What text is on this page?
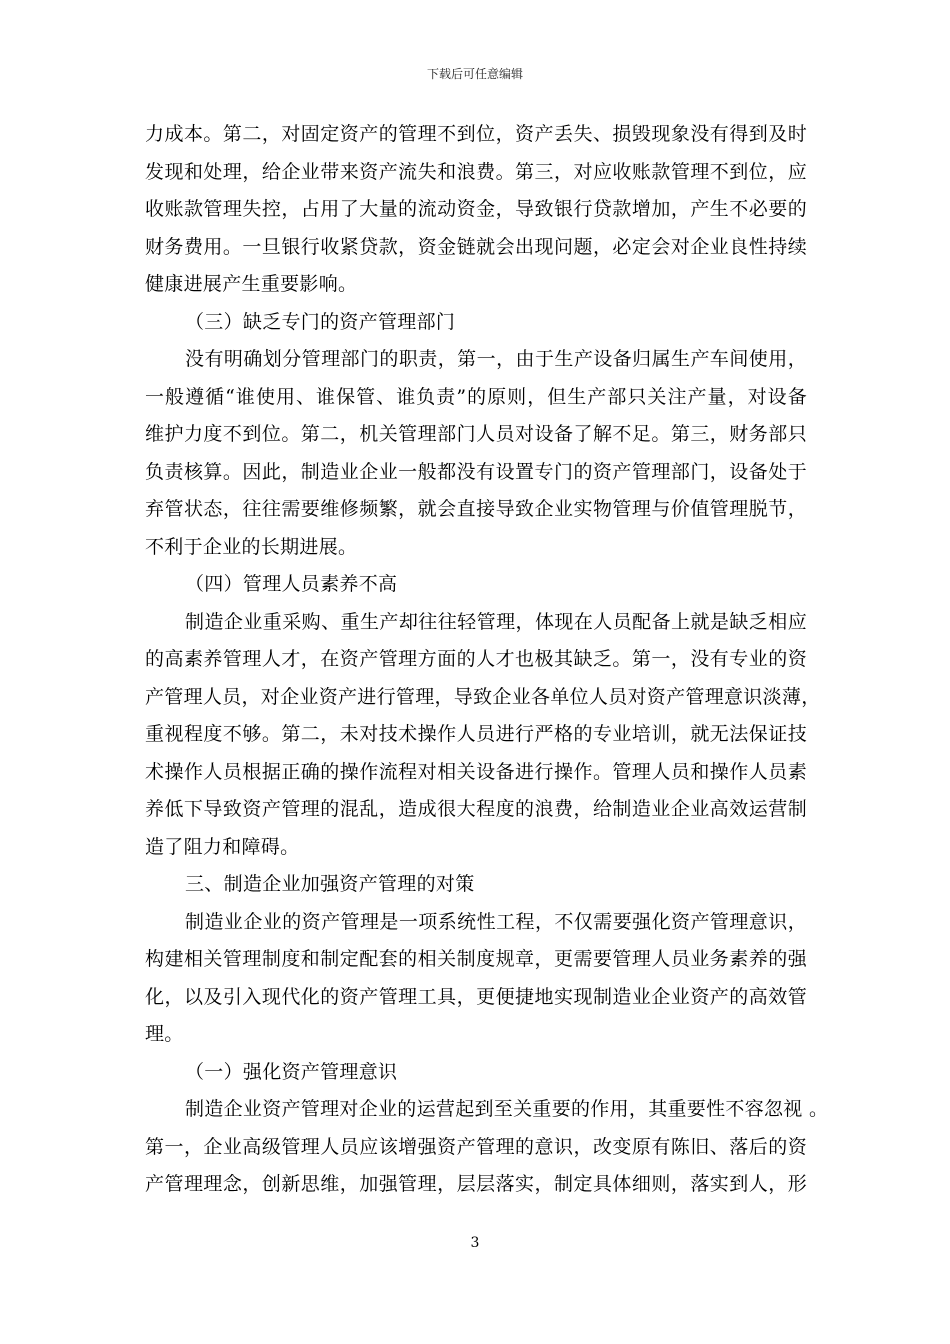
下载后可任意编辑
力成本。第二，对固定资产的管理不到位，资产丢失、损毁现象没有得到及时
发现和处理，给企业带来资产流失和浪费。第三，对应收账款管理不到位，应
收账款管理失控，占用了大量的流动资金，导致银行贷款增加，产生不必要的
财务费用。一旦银行收紧贷款，资金链就会出现问题，必定会对企业良性持续
健康进展产生重要影响。
（三）缺乏专门的资产管理部门
没有明确划分管理部门的职责，第一，由于生产设备归属生产车间使用，
一般遵循“谁使用、谁保管、谁负责”的原则，但生产部只关注产量，对设备
维护力度不到位。第二，机关管理部门人员对设备了解不足。第三，财务部只
负责核算。因此，制造业企业一般都没有设置专门的资产管理部门，设备处于
弃管状态，往往需要维修频繁，就会直接导致企业实物管理与价值管理脱节，
不利于企业的长期进展。
（四）管理人员素养不高
制造企业重采购、重生产却往往轻管理，体现在人员配备上就是缺乏相应
的高素养管理人才，在资产管理方面的人才也极其缺乏。第一，没有专业的资
产管理人员，对企业资产进行管理，导致企业各单位人员对资产管理意识淡薄，
重视程度不够。第二，未对技术操作人员进行严格的专业培训，就无法保证技
术操作人员根据正确的操作流程对相关设备进行操作。管理人员和操作人员素
养低下导致资产管理的混乱，造成很大程度的浪费，给制造业企业高效运营制
造了阻力和障碍。
三、制造企业加强资产管理的对策
制造业企业的资产管理是一项系统性工程，不仅需要强化资产管理意识，
构建相关管理制度和制定配套的相关制度规章，更需要管理人员业务素养的强
化，以及引入现代化的资产管理工具，更便捷地实现制造业企业资产的高效管
理。
（一）强化资产管理意识
制造企业资产管理对企业的运营起到至关重要的作用，其重要性不容忽视 。
第一，企业高级管理人员应该增强资产管理的意识，改变原有陈旧、落后的资
产管理理念，创新思维，加强管理，层层落实，制定具体细则，落实到人，形
3
